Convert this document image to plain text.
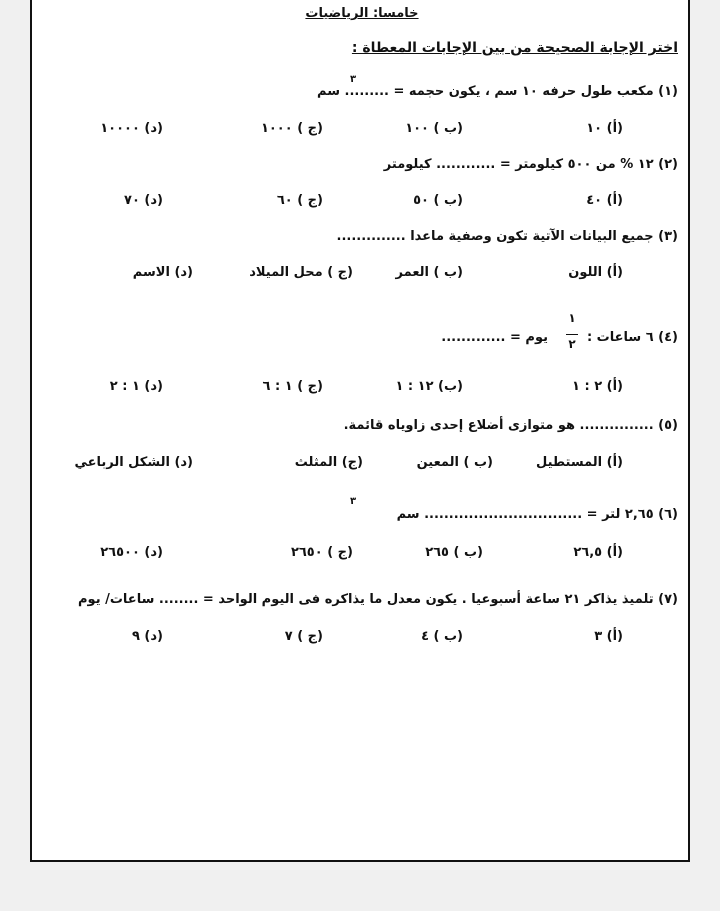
خامسا: الرياضيات
اختر الإجابة الصحيحة من بين الإجابات المعطاة :
(١) مكعب طول حرفه ١٠ سم ، يكون حجمه = ......... سم
٣
(أ) ١٠
(ب ) ١٠٠
(ج ) ١٠٠٠
(د) ١٠٠٠٠
(٢) ١٢ % من ٥٠٠ كيلومتر = ............ كيلومتر
(أ) ٤٠
(ب ) ٥٠
(ج ) ٦٠
(د) ٧٠
(٣) جميع البيانات الآتية تكون وصفية ماعدا ..............
(أ) اللون
(ب ) العمر
(ج ) محل الميلاد
(د) الاسم
(٤) ٦ ساعات :
١
٢
يوم = .............
(أ) ٢ : ١
(ب) ١٢ : ١
(ج ) ١ : ٦
(د) ١ : ٢
(٥) ............... هو متوازى أضلاع إحدى زاوياه قائمة.
(أ) المستطيل
(ب ) المعين
(ج) المثلث
(د) الشكل الرباعي
(٦) ٢,٦٥ لتر = ................................ سم
٣
(أ) ٢٦,٥
(ب ) ٢٦٥
(ج ) ٢٦٥٠
(د) ٢٦٥٠٠
(٧) تلميذ يذاكر ٢١ ساعة أسبوعيا . يكون معدل ما يذاكره فى اليوم الواحد = ........ ساعات/ يوم
(أ) ٣
(ب ) ٤
(ج ) ٧
(د) ٩
